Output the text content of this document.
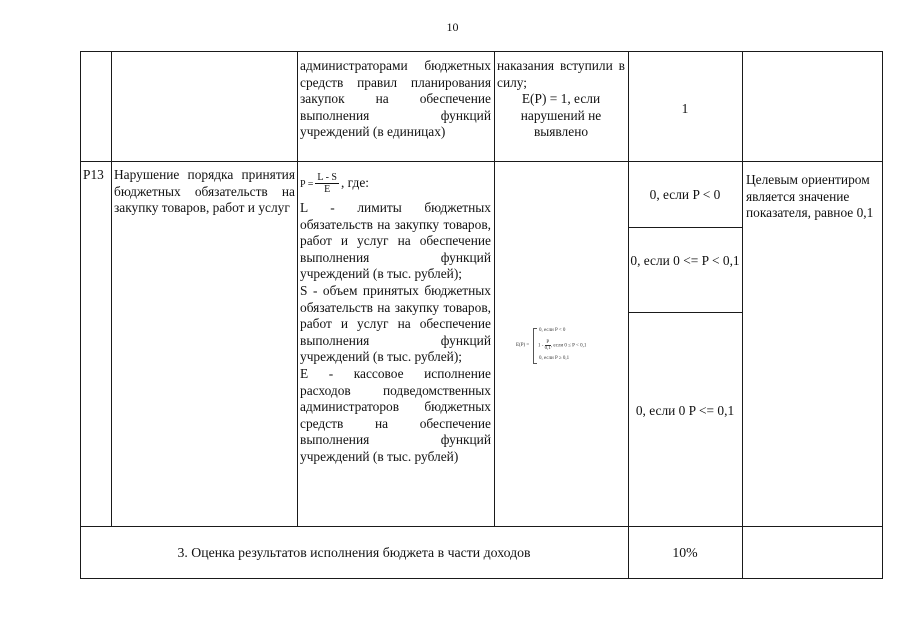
10
администраторами бюджетных средств правил планирования закупок на обеспечение выполнения функций учреждений (в единицах)
наказания вступили в силу;
E(P) = 1, если нарушений не выявлено
1
P13 Нарушение порядка принятия бюджетных обязательств на закупку товаров, работ и услуг
$P = \frac{L - S}{E}$ , где:
L - лимиты бюджетных обязательств на закупку товаров, работ и услуг на обеспечение выполнения функций учреждений (в тыс. рублей);
S - объем принятых бюджетных обязательств на закупку товаров, работ и услуг на обеспечение выполнения функций учреждений (в тыс. рублей);
E - кассовое исполнение расходов подведомственных администраторов бюджетных средств на обеспечение выполнения функций учреждений (в тыс. рублей)
E(P) =
0, если P < 0
$1 - \frac{P}{0,1}$ , если 0 ≤ P < 0,1
0, если P ≥ 0,1
0, если P < 0
0, если 0 <= P < 0,1
0, если 0 P <= 0,1
Целевым ориентиром является значение показателя, равное 0,1
3. Оценка результатов исполнения бюджета в части доходов	10%
